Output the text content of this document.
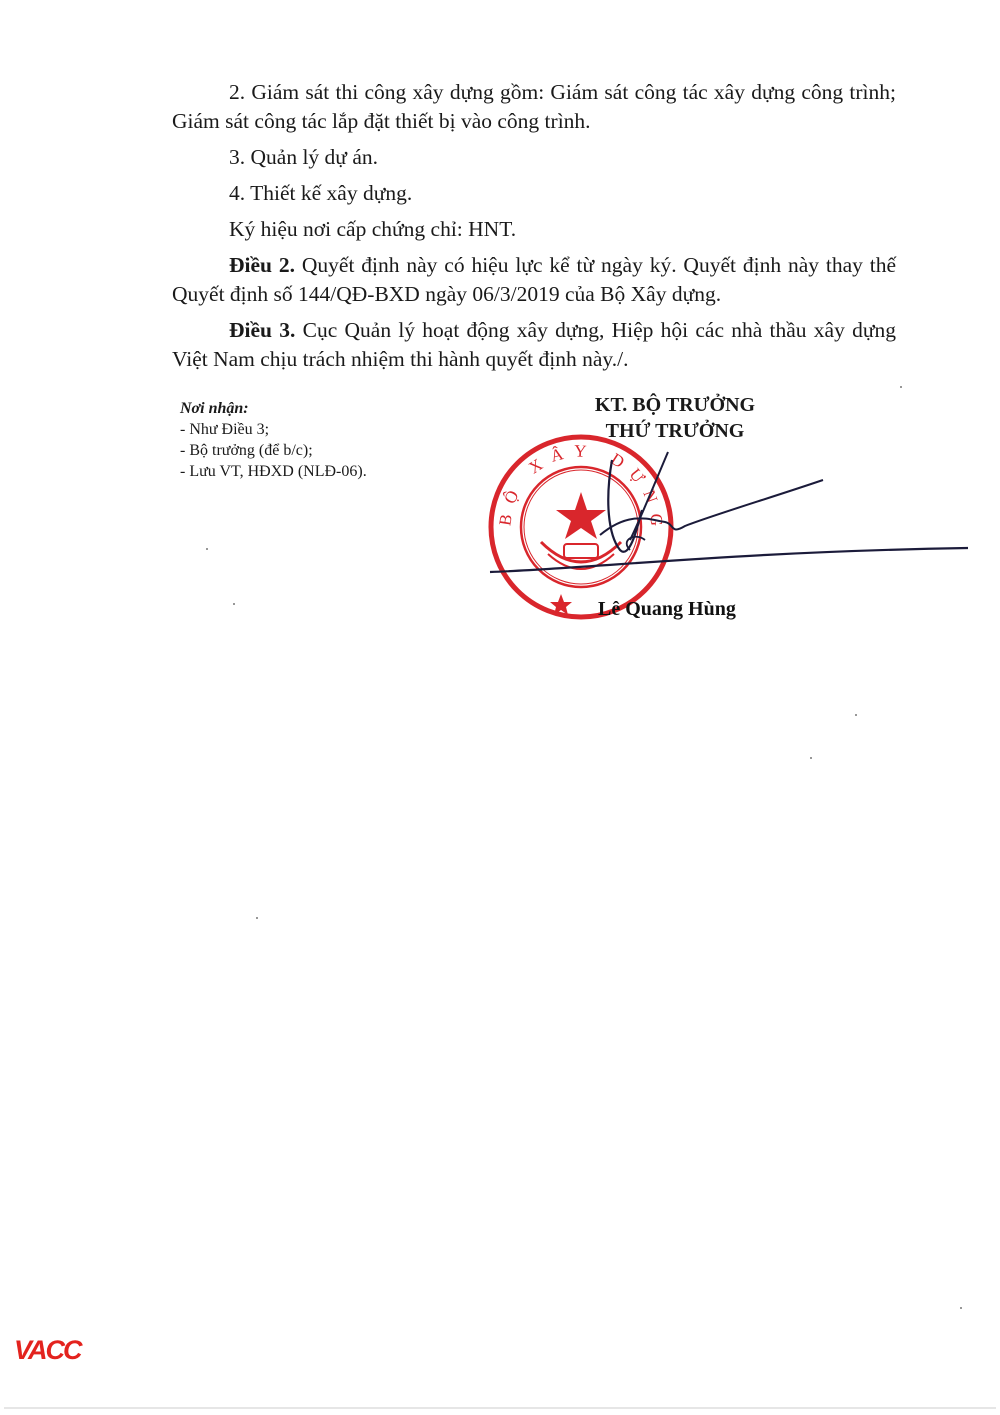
2. Giám sát thi công xây dựng gồm: Giám sát công tác xây dựng công trình; Giám sát công tác lắp đặt thiết bị vào công trình.

3. Quản lý dự án.

4. Thiết kế xây dựng.

Ký hiệu nơi cấp chứng chỉ: HNT.

Điều 2. Quyết định này có hiệu lực kể từ ngày ký. Quyết định này thay thế Quyết định số 144/QĐ-BXD ngày 06/3/2019 của Bộ Xây dựng.

Điều 3. Cục Quản lý hoạt động xây dựng, Hiệp hội các nhà thầu xây dựng Việt Nam chịu trách nhiệm thi hành quyết định này./.

Nơi nhận:
- Như Điều 3;
- Bộ trưởng (để b/c);
- Lưu VT, HĐXD (NLĐ-06).
KT. BỘ TRƯỞNG
THỨ TRƯỞNG
BỘ XÂY DỰNG
Lê Quang Hùng
VACC
